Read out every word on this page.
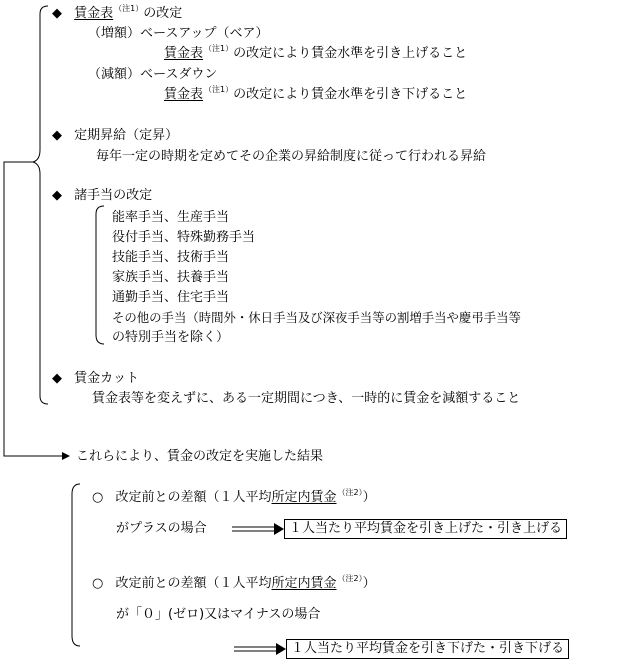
◆ 賃金表$^{(注1)}$の改定
（増額）ベースアップ（ベア）
賃金表$^{(注1)}$の改定により賃金水準を引き上げること
（減額）ベースダウン
賃金表$^{(注1)}$の改定により賃金水準を引き下げること
◆ 定期昇給（定昇）
毎年一定の時期を定めてその企業の昇給制度に従って行われる昇給
◆ 諸手当の改定
能率手当、生産手当
役付手当、特殊勤務手当
技能手当、技術手当
家族手当、扶養手当
通勤手当、住宅手当
その他の手当（時間外・休日手当及び深夜手当等の割増手当や慶弔手当等
の特別手当を除く）
◆ 賃金カット
賃金表等を変えずに、ある一定期間につき、一時的に賃金を減額すること
これらにより、賃金の改定を実施した結果
○ 改定前との差額（１人平均所定内賃金$^{(注2)}$）
がプラスの場合	１人当たり平均賃金を引き上げた・引き上げる
○ 改定前との差額（１人平均所定内賃金$^{(注2)}$）
が「０」(ゼロ)又はマイナスの場合
１人当たり平均賃金を引き下げた・引き下げる
